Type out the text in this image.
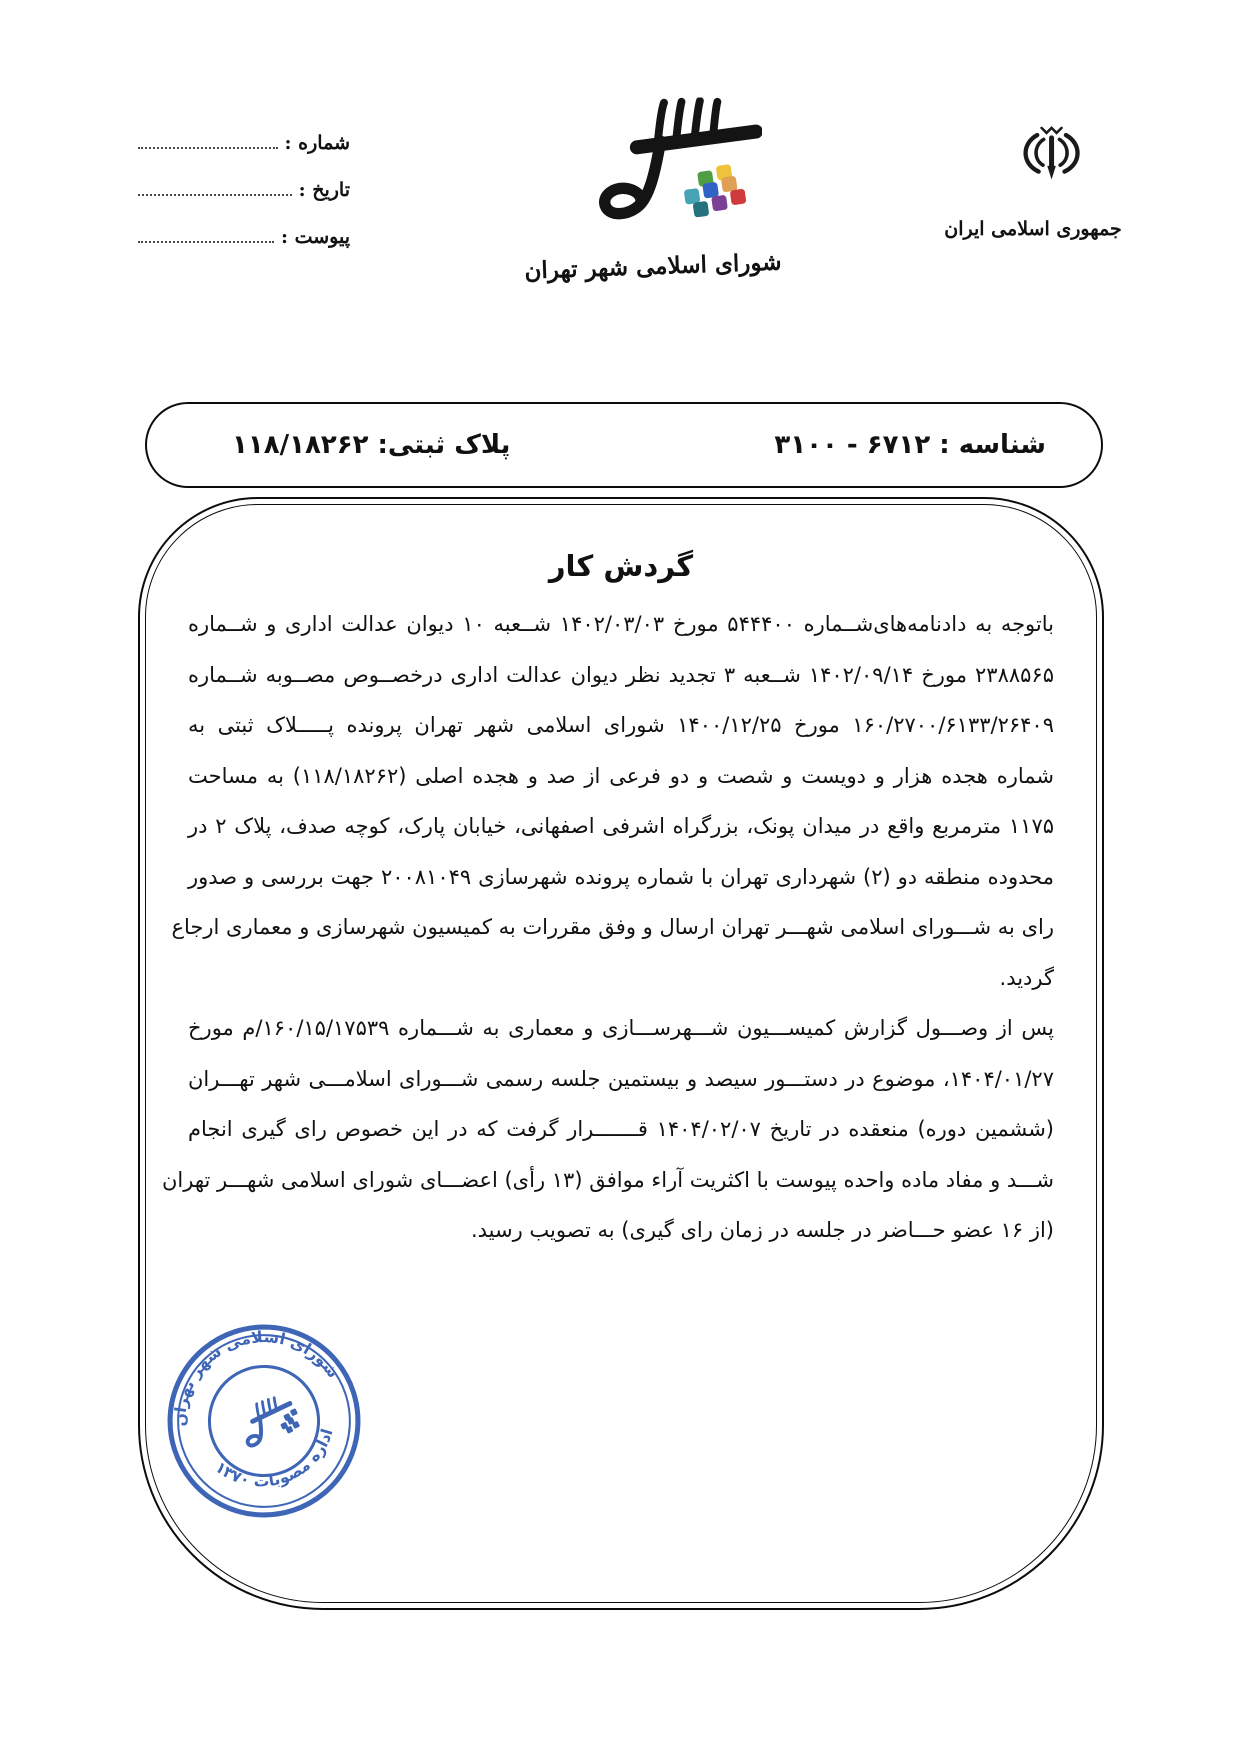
شماره :
تاریخ :
پیوست :
شورای اسلامی شهر تهران
جمهوری اسلامی ایران
شناسه : ۶۷۱۲ - ۳۱۰۰
پلاک ثبتی: ۱۱۸/۱۸۲۶۲
گردش کار
باتوجه به دادنامه‌های‌شــماره ۵۴۴۴۰۰ مورخ ۱۴۰۲/۰۳/۰۳ شــعبه ۱۰ دیوان عدالت اداری و شــماره
۲۳۸۸۵۶۵ مورخ ۱۴۰۲/۰۹/۱۴ شــعبه ۳ تجدید نظر دیوان عدالت اداری درخصــوص مصــوبه شــماره
۱۶۰/۲۷۰۰/۶۱۳۳/۲۶۴۰۹ مورخ ۱۴۰۰/۱۲/۲۵ شورای اسلامی شهر تهران پرونده پـــــلاک ثبتی به
شماره هجده هزار و دویست و شصت و دو فرعی از صد و هجده اصلی (۱۱۸/۱۸۲۶۲) به مساحت
۱۱۷۵ مترمربع واقع در میدان پونک، بزرگراه اشرفی اصفهانی، خیابان پارک، کوچه صدف، پلاک ۲ در
محدوده منطقه دو (۲) شهرداری تهران با شماره پرونده شهرسازی ۲۰۰۸۱۰۴۹ جهت بررسی و صدور
رای به شـــورای اسلامی شهـــر تهران ارسال و وفق مقررات به کمیسیون شهرسازی و معماری ارجاع
گردید.
پس از وصـــول گزارش کمیســـیون شـــهرســـازی و معماری به شـــماره ۱۶۰/۱۵/۱۷۵۳۹/م مورخ
۱۴۰۴/۰۱/۲۷، موضوع در دستـــور سیصد و بیستمین جلسه رسمی شـــورای اسلامـــی شهر تهـــران
(ششمین دوره) منعقده در تاریخ ۱۴۰۴/۰۲/۰۷ قـــــــرار گرفت که در این خصوص رای گیری انجام
شـــد و مفاد ماده واحده پیوست با اکثریت آراء موافق (۱۳ رأی) اعضـــای شورای اسلامی شهـــر تهران
(از ۱۶ عضو حـــاضر در جلسه در زمان رای گیری) به تصویب رسید.
شورای اسلامی شهر تهران
اداره مصوبات ۱۳۷۰
